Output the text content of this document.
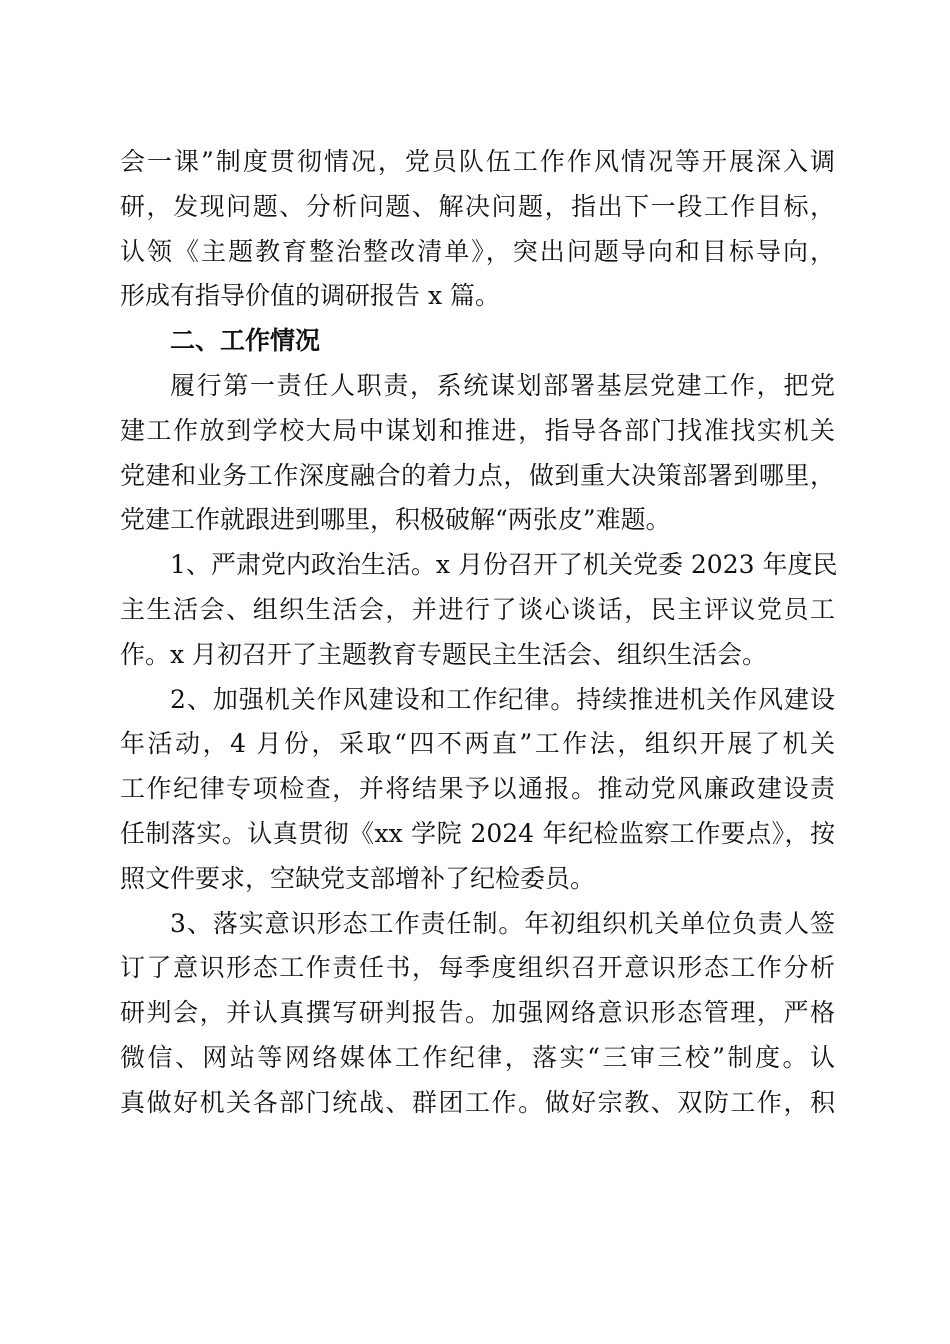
会一课”制度贯彻情况，党员队伍工作作风情况等开展深入调
研，发现问题、分析问题、解决问题，指出下一段工作目标，
认领《主题教育整治整改清单》，突出问题导向和目标导向，
形成有指导价值的调研报告 x 篇。
二、工作情况
履行第一责任人职责，系统谋划部署基层党建工作，把党
建工作放到学校大局中谋划和推进，指导各部门找准找实机关
党建和业务工作深度融合的着力点，做到重大决策部署到哪里，
党建工作就跟进到哪里，积极破解“两张皮”难题。
1、严肃党内政治生活。x 月份召开了机关党委 2023 年度民
主生活会、组织生活会，并进行了谈心谈话，民主评议党员工
作。x 月初召开了主题教育专题民主生活会、组织生活会。
2、加强机关作风建设和工作纪律。持续推进机关作风建设
年活动，4 月份，采取“四不两直”工作法，组织开展了机关
工作纪律专项检查，并将结果予以通报。推动党风廉政建设责
任制落实。认真贯彻《xx 学院 2024 年纪检监察工作要点》，按
照文件要求，空缺党支部增补了纪检委员。
3、落实意识形态工作责任制。年初组织机关单位负责人签
订了意识形态工作责任书，每季度组织召开意识形态工作分析
研判会，并认真撰写研判报告。加强网络意识形态管理，严格
微信、网站等网络媒体工作纪律，落实“三审三校”制度。认
真做好机关各部门统战、群团工作。做好宗教、双防工作，积
